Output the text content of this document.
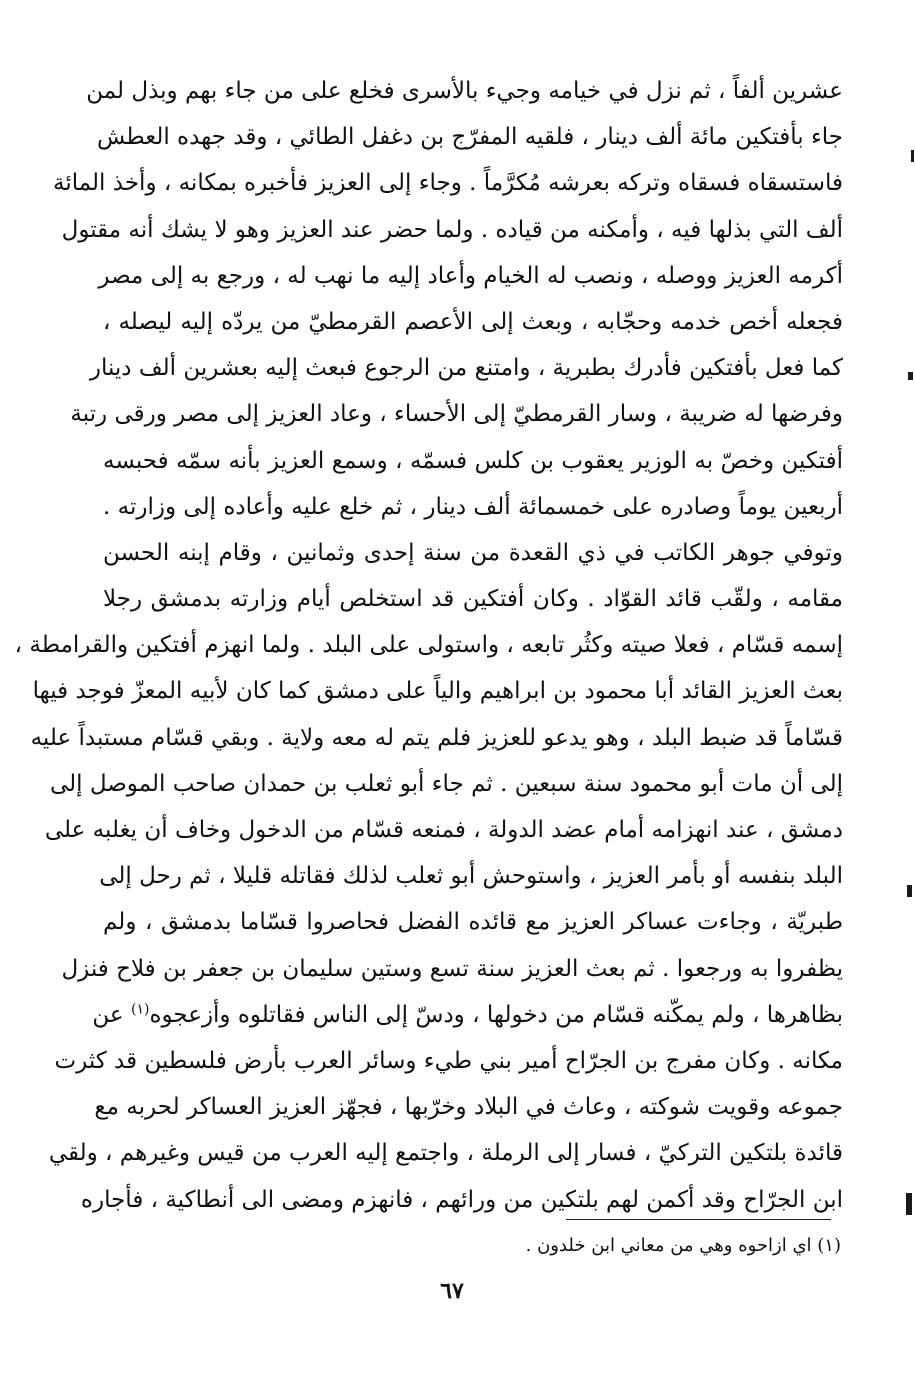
عشرين ألفاً ، ثم نزل في خيامه وجيء بالأسرى فخلع على من جاء بهم وبذل لمن
جاء بأفتكين مائة ألف دينار ، فلقيه المفرّج بن دغفل الطائي ، وقد جهده العطش
فاستسقاه فسقاه وتركه بعرشه مُكرَّماً . وجاء إلى العزيز فأخبره بمكانه ، وأخذ المائة
ألف التي بذلها فيه ، وأمكنه من قياده . ولما حضر عند العزيز وهو لا يشك أنه مقتول
أكرمه العزيز ووصله ، ونصب له الخيام وأعاد إليه ما نهب له ، ورجع به إلى مصر
فجعله أخص خدمه وحجّابه ، وبعث إلى الأعصم القرمطيّ من يردّه إليه ليصله ،
كما فعل بأفتكين فأدرك بطبرية ، وامتنع من الرجوع فبعث إليه بعشرين ألف دينار
وفرضها له ضريبة ، وسار القرمطيّ إلى الأحساء ، وعاد العزيز إلى مصر ورقى رتبة
أفتكين وخصّ به الوزير يعقوب بن كلس فسمّه ، وسمع العزيز بأنه سمّه فحبسه
أربعين يوماً وصادره على خمسمائة ألف دينار ، ثم خلع عليه وأعاده إلى وزارته .
وتوفي جوهر الكاتب في ذي القعدة من سنة إحدى وثمانين ، وقام إبنه الحسن
مقامه ، ولقّب قائد القوّاد . وكان أفتكين قد استخلص أيام وزارته بدمشق رجلا
إسمه قسّام ، فعلا صيته وكثُر تابعه ، واستولى على البلد . ولما انهزم أفتكين والقرامطة ،
بعث العزيز القائد أبا محمود بن ابراهيم والياً على دمشق كما كان لأبيه المعزّ فوجد فيها
قسّاماً قد ضبط البلد ، وهو يدعو للعزيز فلم يتم له معه ولاية . وبقي قسّام مستبداً عليه
إلى أن مات أبو محمود سنة سبعين . ثم جاء أبو ثعلب بن حمدان صاحب الموصل إلى
دمشق ، عند انهزامه أمام عضد الدولة ، فمنعه قسّام من الدخول وخاف أن يغلبه على
البلد بنفسه أو بأمر العزيز ، واستوحش أبو ثعلب لذلك فقاتله قليلا ، ثم رحل إلى
طبريّة ، وجاءت عساكر العزيز مع قائده الفضل فحاصروا قسّاما بدمشق ، ولم
يظفروا به ورجعوا . ثم بعث العزيز سنة تسع وستين سليمان بن جعفر بن فلاح فنزل
بظاهرها ، ولم يمكّنه قسّام من دخولها ، ودسّ إلى الناس فقاتلوه وأزعجوه$^{(١)}$ عن
مكانه . وكان مفرج بن الجرّاح أمير بني طيء وسائر العرب بأرض فلسطين قد كثرت
جموعه وقويت شوكته ، وعاث في البلاد وخرّبها ، فجهّز العزيز العساكر لحربه مع
قائدة بلتكين التركيّ ، فسار إلى الرملة ، واجتمع إليه العرب من قيس وغيرهم ، ولقي
ابن الجرّاح وقد أكمن لهم بلتكين من ورائهم ، فانهزم ومضى الى أنطاكية ، فأجاره
(١) اي ازاحوه وهي من معاني ابن خلدون .
٦٧
